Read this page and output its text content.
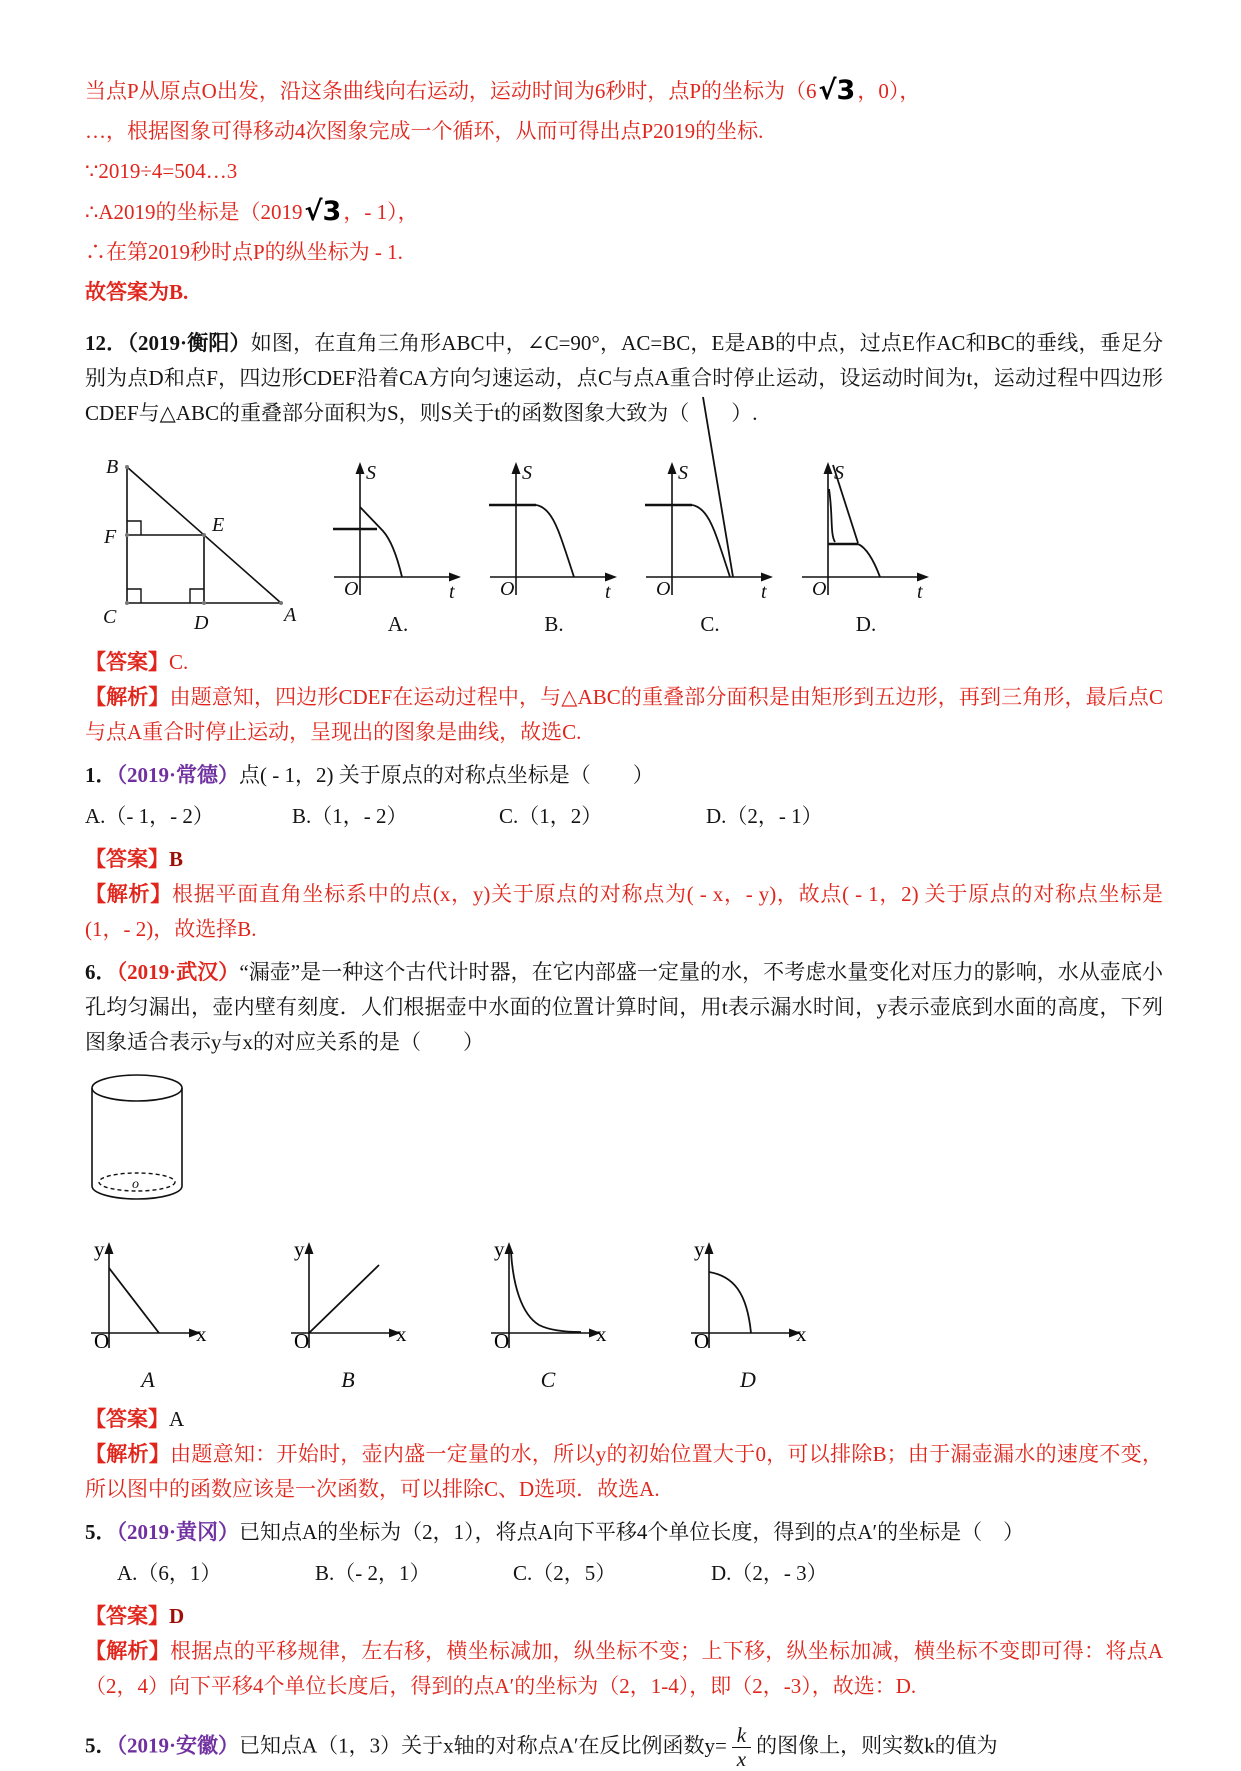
当点P从原点O出发，沿这条曲线向右运动，运动时间为6秒时，点P的坐标为（6√3，0），

…，根据图象可得移动4次图象完成一个循环，从而可得出点P2019的坐标.

∵2019÷4=504…3

∴A2019的坐标是（2019√3，- 1），

∴在第2019秒时点P的纵坐标为 - 1.

故答案为B.

12．（2019·衡阳）如图，在直角三角形ABC中，∠C=90°，AC=BC，E是AB的中点，过点E作AC和BC的垂线，垂足分别为点D和点F，四边形CDEF沿着CA方向匀速运动，点C与点A重合时停止运动，设运动时间为t，运动过程中四边形CDEF与△ABC的重叠部分面积为S，则S关于t的函数图象大致为（　　）.

B
F
E
C	D	A
O
S
t
A.
O
S
t
B.
O
S
t
C.
O
S
t
D.

【答案】C.

【解析】由题意知，四边形CDEF在运动过程中，与△ABC的重叠部分面积是由矩形到五边形，再到三角形，最后点C与点A重合时停止运动，呈现出的图象是曲线，故选C.

1．（2019·常德）点( - 1，2) 关于原点的对称点坐标是（　　）

A.（- 1，- 2）	B.（1，- 2）	C.（1，2）	D.（2，- 1）

【答案】B

【解析】根据平面直角坐标系中的点(x，y)关于原点的对称点为( - x，- y)，故点( - 1，2) 关于原点的对称点坐标是(1，- 2)，故选择B.

6．（2019·武汉）“漏壶”是一种这个古代计时器，在它内部盛一定量的水，不考虑水量变化对压力的影响，水从壶底小孔均匀漏出，壶内壁有刻度．人们根据壶中水面的位置计算时间，用t表示漏水时间，y表示壶底到水面的高度，下列图象适合表示y与x的对应关系的是（　　）

o
O
y
x
A
O
y
x
B
O
y
x
C
O
y
x
D

【答案】A

【解析】由题意知：开始时，壶内盛一定量的水，所以y的初始位置大于0，可以排除B；由于漏壶漏水的速度不变，所以图中的函数应该是一次函数，可以排除C、D选项．故选A.

5．（2019·黄冈）已知点A的坐标为（2，1），将点A向下平移4个单位长度，得到的点A′的坐标是（　）

A.（6，1）	B.（- 2，1）	C.（2，5）	D.（2，- 3）

【答案】D

【解析】根据点的平移规律，左右移，横坐标减加，纵坐标不变；上下移，纵坐标加减，横坐标不变即可得：将点A（2，4）向下平移4个单位长度后，得到的点A′的坐标为（2，1-4），即（2，-3），故选：D.

5．（2019·安徽）已知点A（1，3）关于x轴的对称点A′在反比例函数$y= \frac{k}{x}$ 的图像上，则实数k的值为
